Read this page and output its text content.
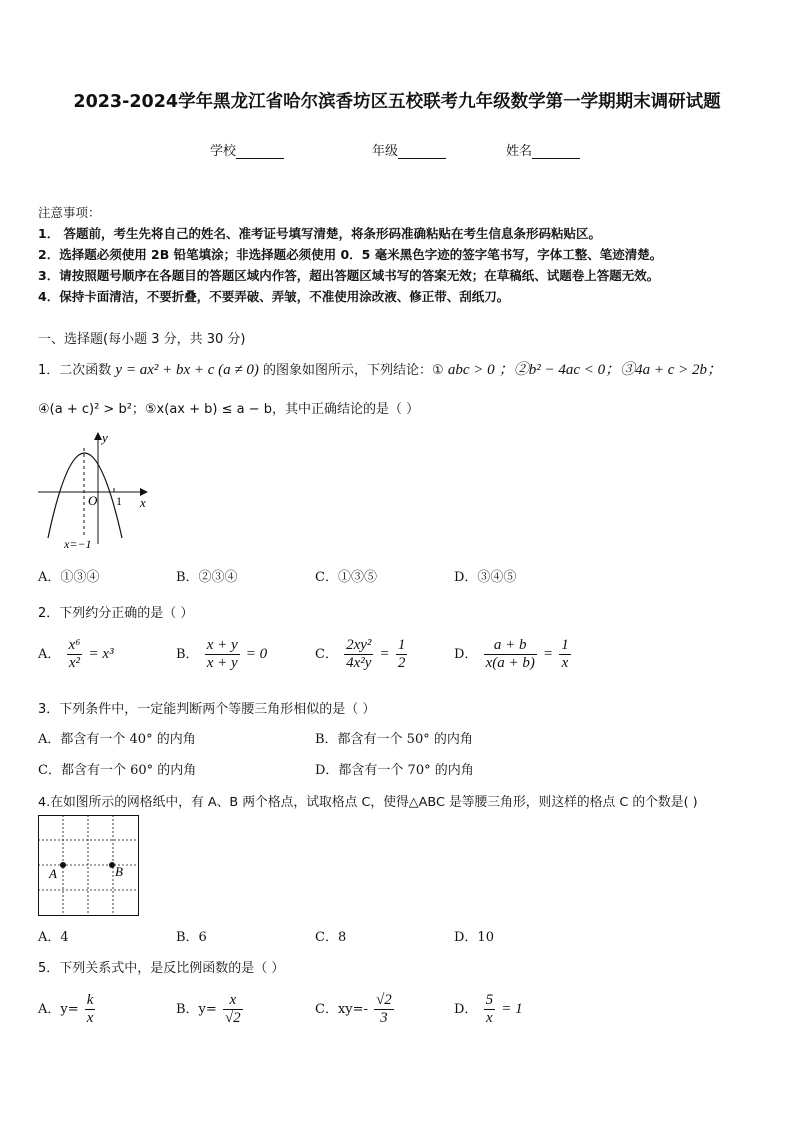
2023-2024学年黑龙江省哈尔滨香坊区五校联考九年级数学第一学期期末调研试题
学校	年级	姓名
注意事项：
1． 答题前，考生先将自己的姓名、准考证号填写清楚，将条形码准确粘贴在考生信息条形码粘贴区。
2．选择题必须使用 2B 铅笔填涂；非选择题必须使用 0．5 毫米黑色字迹的签字笔书写，字体工整、笔迹清楚。
3．请按照题号顺序在各题目的答题区域内作答，超出答题区域书写的答案无效；在草稿纸、试题卷上答题无效。
4．保持卡面清洁，不要折叠，不要弄破、弄皱，不准使用涂改液、修正带、刮纸刀。
一、选择题(每小题 3 分，共 30 分)
1．二次函数 y = ax² + bx + c (a ≠ 0) 的图象如图所示，下列结论：① abc > 0 ；②b² − 4ac < 0；③4a + c > 2b；
④(a + c)² > b²；⑤x(ax + b) ≤ a − b，其中正确结论的是（ ）
y
x
O 1
x=−1
A．①③④	B．②③④	C．①③⑤	D．③④⑤
2．下列约分正确的是（ ）
A． $\frac{\text{x⁶}}{\text{x²}} = x^3$	B． $\frac{x + y}{x + y} = 0$	C． $\frac{\text{2xy²}}{\text{4x²y}} = \frac{1}{2}$	D． $\frac{a + b}{x(a + b)} = \frac{1}{x}$
3．下列条件中，一定能判断两个等腰三角形相似的是（ ）
A．都含有一个 40° 的内角	B．都含有一个 50° 的内角
C．都含有一个 60° 的内角	D．都含有一个 70° 的内角
4.在如图所示的网格纸中，有 A、B 两个格点，试取格点 C，使得△ABC 是等腰三角形，则这样的格点 C 的个数是( )
A	B
A．4	B．6	C．8	D．10
5．下列关系式中，是反比例函数的是（ ）
A．$y= \frac{k}{x}$	B．$y= \frac{x}{√2}$	C．$xy=- \frac{√2}{3}$	D． $\frac{5}{x} = 1$
